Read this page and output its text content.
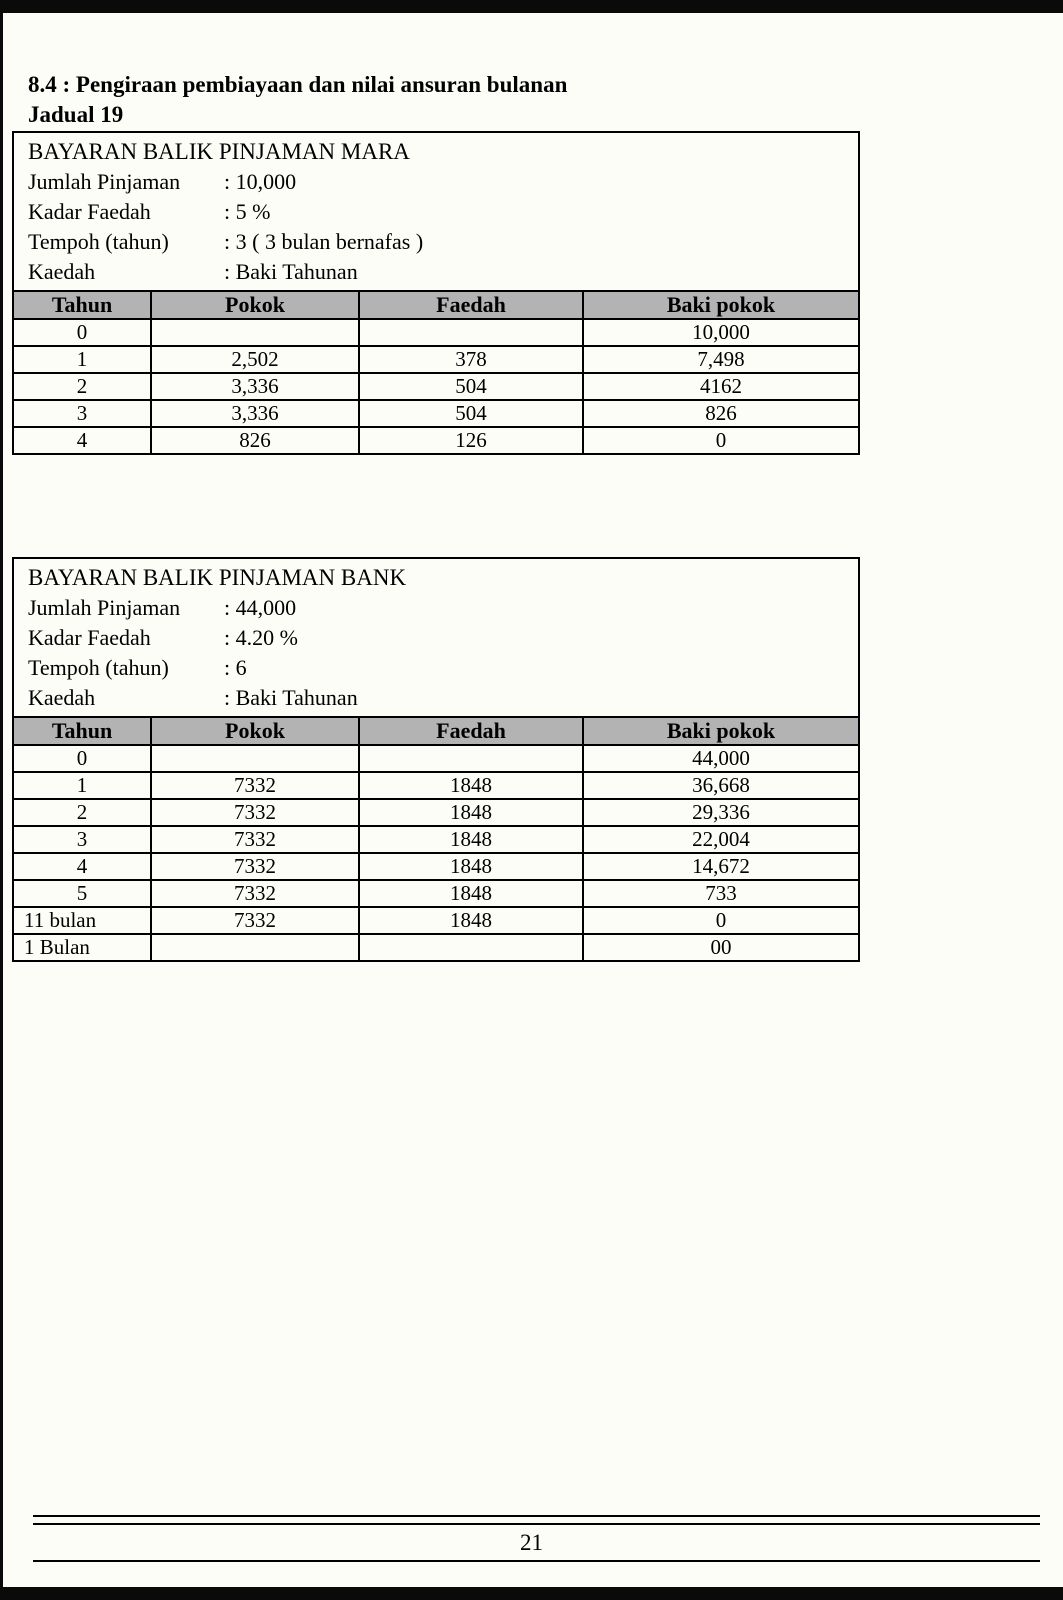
8.4 : Pengiraan pembiayaan dan nilai ansuran bulanan
Jadual 19
BAYARAN BALIK PINJAMAN MARA
Jumlah Pinjaman	: 10,000
Kadar Faedah	: 5 %
Tempoh (tahun)	: 3 ( 3 bulan bernafas )
Kaedah	: Baki Tahunan
Tahun	Pokok	Faedah	Baki pokok
0			10,000
1	2,502	378	7,498
2	3,336	504	4162
3	3,336	504	826
4	826	126	0
BAYARAN BALIK PINJAMAN BANK
Jumlah Pinjaman	: 44,000
Kadar Faedah	: 4.20 %
Tempoh (tahun)	: 6
Kaedah	: Baki Tahunan
Tahun	Pokok	Faedah	Baki pokok
0			44,000
1	7332	1848	36,668
2	7332	1848	29,336
3	7332	1848	22,004
4	7332	1848	14,672
5	7332	1848	733
11 bulan	7332	1848	0
1 Bulan			00
21
